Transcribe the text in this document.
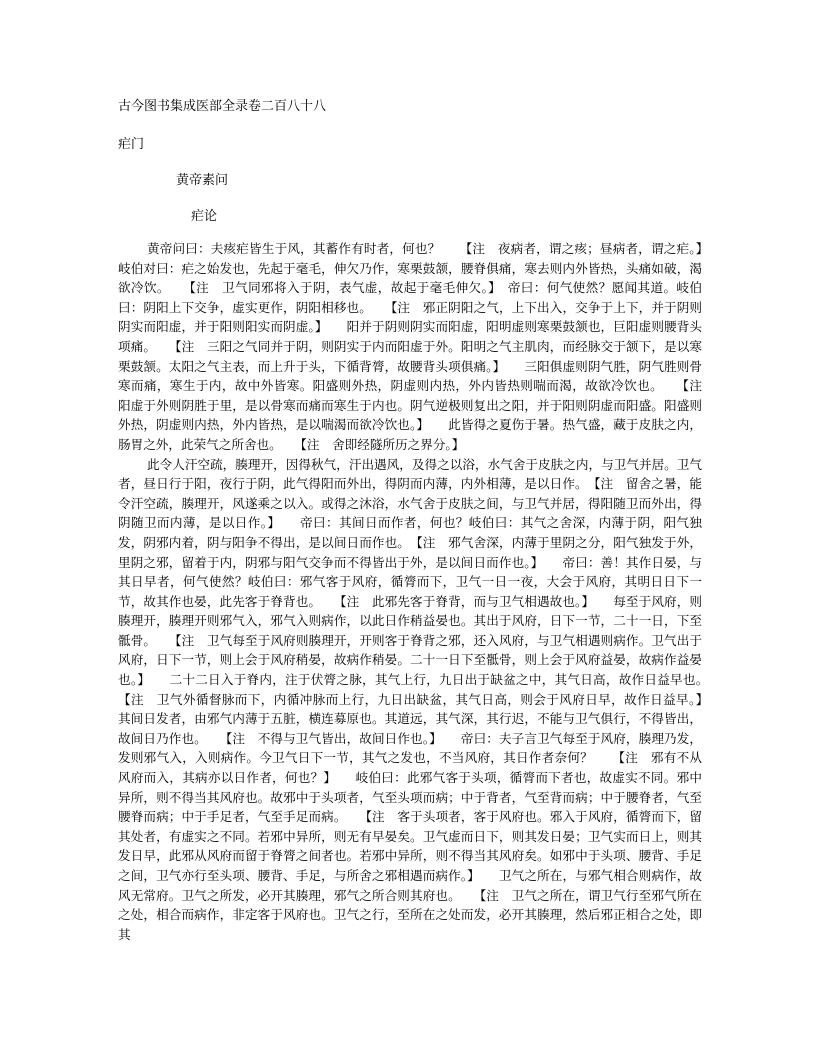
古今图书集成医部全录卷二百八十八
疟门
黄帝素问
疟论

黄帝问曰：夫痎疟皆生于风，其蓄作有时者，何也？　　【注　夜病者，谓之痎；昼病者，谓之疟。】　　岐伯对曰：疟之始发也，先起于毫毛，伸欠乃作，寒栗鼓颔，腰脊俱痛，寒去则内外皆热，头痛如破，渴欲冷饮。　　【注　卫气同邪将入于阴，表气虚，故起于毫毛伸欠。】　帝曰：何气使然？愿闻其道。岐伯曰：阴阳上下交争，虚实更作，阴阳相移也。　　【注　邪正阴阳之气，上下出入，交争于上下，并于阴则阴实而阳虚，并于阳则阳实而阴虚。】　　阳并于阴则阴实而阳虚，阳明虚则寒栗鼓颔也，巨阳虚则腰背头项痛。　　【注　三阳之气同并于阴，则阴实于内而阳虚于外。阳明之气主肌肉，而经脉交于颔下，是以寒栗鼓颔。太阳之气主表，而上升于头，下循背膂，故腰背头项俱痛。】　　三阳俱虚则阴气胜，阴气胜则骨寒而痛，寒生于内，故中外皆寒。阳盛则外热，阴虚则内热，外内皆热则喘而渴，故欲冷饮也。　　【注　阳虚于外则阴胜于里，是以骨寒而痛而寒生于内也。阴气逆极则复出之阳，并于阳则阴虚而阳盛。阳盛则外热，阴虚则内热，外内皆热，是以喘渴而欲冷饮也。】　　此皆得之夏伤于暑。热气盛，藏于皮肤之内，肠胃之外，此荣气之所舍也。　　【注　舍即经隧所历之界分。】

此令人汗空疏，腠理开，因得秋气，汗出遇风，及得之以浴，水气舍于皮肤之内，与卫气并居。卫气者，昼日行于阳，夜行于阴，此气得阳而外出，得阴而内薄，内外相薄，是以日作。　【注　留舍之暑，能令汗空疏，腠理开，风遂乘之以入。或得之沐浴，水气舍于皮肤之间，与卫气并居，得阳随卫而外出，得阴随卫而内薄，是以日作。】　　帝曰：其间日而作者，何也？岐伯曰：其气之舍深，内薄于阴，阳气独发，阴邪内着，阴与阳争不得出，是以间日而作也。　【注　邪气舍深，内薄于里阴之分，阳气独发于外，里阴之邪，留着于内，阴邪与阳气交争而不得皆出于外，是以间日而作也。】　　帝曰：善！其作日晏，与其日早者，何气使然？岐伯曰：邪气客于风府，循膂而下，卫气一日一夜，大会于风府，其明日日下一节，故其作也晏，此先客于脊背也。　　【注　此邪先客于脊背，而与卫气相遇故也。】　　每至于风府，则腠理开，腠理开则邪气入，邪气入则病作，以此日作稍益晏也。其出于风府，日下一节，二十一日，下至骶骨。　　【注　卫气每至于风府则腠理开，开则客于脊背之邪，还入风府，与卫气相遇则病作。卫气出于风府，日下一节，则上会于风府稍晏，故病作稍晏。二十一日下至骶骨，则上会于风府益晏，故病作益晏也。】　　二十二日入于脊内，注于伏膂之脉，其气上行，九日出于缺盆之中，其气日高，故作日益早也。　　【注　卫气外循督脉而下，内循冲脉而上行，九日出缺盆，其气日高，则会于风府日早，故作日益早。】　　其间日发者，由邪气内薄于五脏，横连募原也。其道远，其气深，其行迟，不能与卫气俱行，不得皆出，故间日乃作也。　　【注　不得与卫气皆出，故间日作也。】　　帝曰：夫子言卫气每至于风府，腠理乃发，发则邪气入，入则病作。今卫气日下一节，其气之发也，不当风府，其日作者奈何？　　【注　邪有不从风府而入，其病亦以日作者，何也？】　　岐伯曰：此邪气客于头项，循膂而下者也，故虚实不同。邪中异所，则不得当其风府也。故邪中于头项者，气至头项而病；中于背者，气至背而病；中于腰脊者，气至腰脊而病；中于手足者，气至手足而病。　　【注　客于头项者，客于风府也。邪入于风府，循膂而下，留其处者，有虚实之不同。若邪中异所，则无有早晏矣。卫气虚而日下，则其发日晏；卫气实而日上，则其发日早，此邪从风府而留于脊膂之间者也。若邪中异所，则不得当其风府矣。如邪中于头项、腰背、手足之间，卫气亦行至头项、腰背、手足，与所舍之邪相遇而病作。】　　卫气之所在，与邪气相合则病作，故风无常府。卫气之所发，必开其腠理，邪气之所合则其府也。　　【注　卫气之所在，谓卫气行至邪气所在之处，相合而病作，非定客于风府也。卫气之行，至所在之处而发，必开其腠理，然后邪正相合之处，即其
